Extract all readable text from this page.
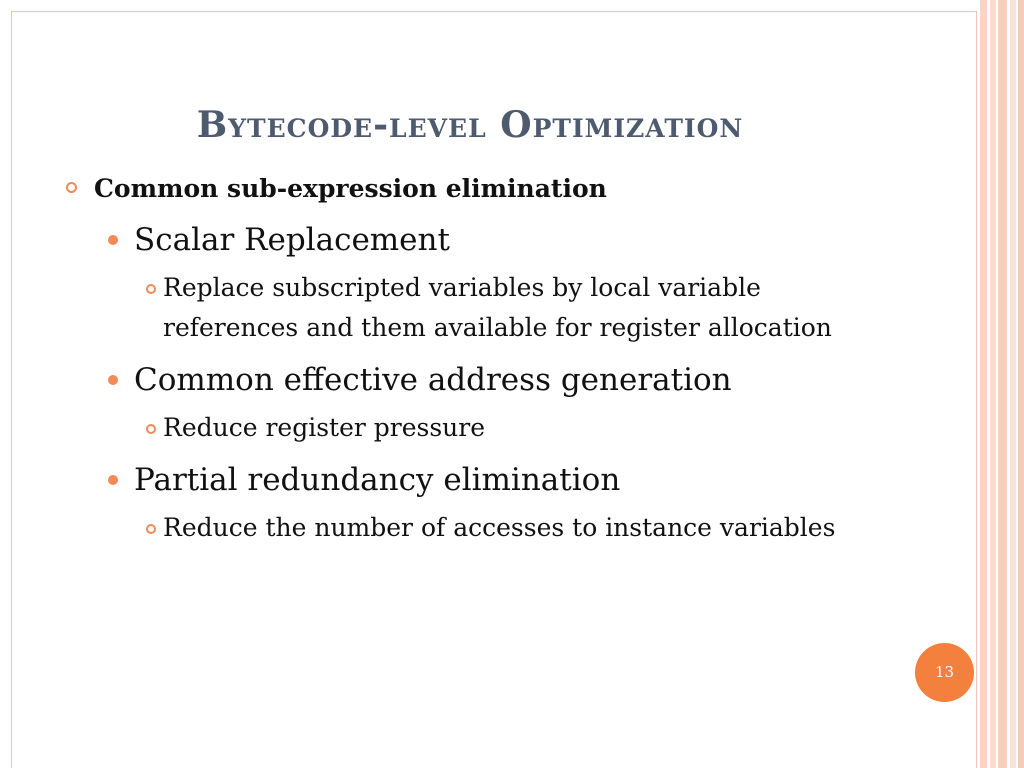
Bytecode-level Optimization
Common sub-expression elimination
Scalar Replacement
Replace subscripted variables by local variable references and them available for register allocation
Common effective address generation
Reduce register pressure
Partial redundancy elimination
Reduce the number of accesses to instance variables
13
